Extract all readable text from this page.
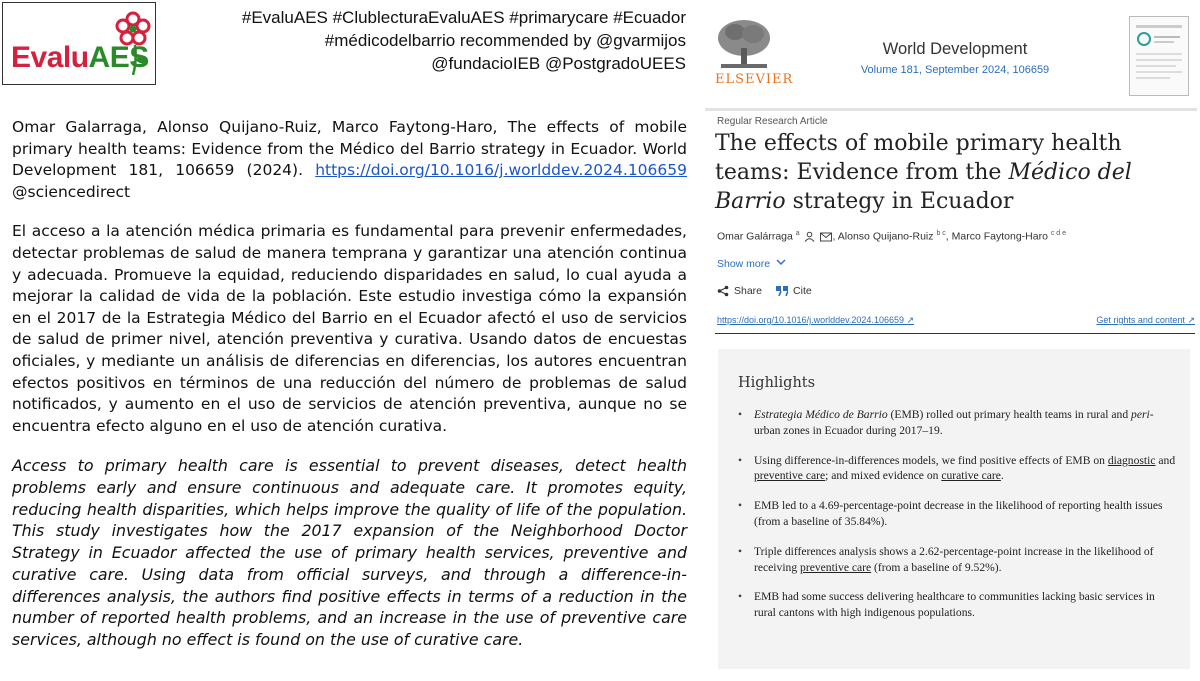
EvaluAES
#EvaluAES #ClublecturaEvaluAES #primarycare #Ecuador
#médicodelbarrio recommended by @gvarmijos
@fundacioIEB @PostgradoUEES

Omar Galarraga, Alonso Quijano-Ruiz, Marco Faytong-Haro, The effects of mobile primary health teams: Evidence from the Médico del Barrio strategy in Ecuador. World Development 181, 106659 (2024). https://doi.org/10.1016/j.worlddev.2024.106659 @sciencedirect

El acceso a la atención médica primaria es fundamental para prevenir enfermedades, detectar problemas de salud de manera temprana y garantizar una atención continua y adecuada. Promueve la equidad, reduciendo disparidades en salud, lo cual ayuda a mejorar la calidad de vida de la población. Este estudio investiga cómo la expansión en el 2017 de la Estrategia Médico del Barrio en el Ecuador afectó el uso de servicios de salud de primer nivel, atención preventiva y curativa. Usando datos de encuestas oficiales, y mediante un análisis de diferencias en diferencias, los autores encuentran efectos positivos en términos de una reducción del número de problemas de salud notificados, y aumento en el uso de servicios de atención preventiva, aunque no se encuentra efecto alguno en el uso de atención curativa.

Access to primary health care is essential to prevent diseases, detect health problems early and ensure continuous and adequate care. It promotes equity, reducing health disparities, which helps improve the quality of life of the population. This study investigates how the 2017 expansion of the Neighborhood Doctor Strategy in Ecuador affected the use of primary health services, preventive and curative care. Using data from official surveys, and through a difference-in-differences analysis, the authors find positive effects in terms of a reduction in the number of reported health problems, and an increase in the use of preventive care services, although no effect is found on the use of curative care.

ELSEVIER
World Development
Volume 181, September 2024, 106659
Regular Research Article
The effects of mobile primary health teams: Evidence from the Médico del Barrio strategy in Ecuador
Omar Galárraga $^a$	, Alonso Quijano-Ruiz $^{b c}$, Marco Faytong-Haro $^{c d e}$
Show more
Share	Cite
https://doi.org/10.1016/j.worlddev.2024.106659 ↗	Get rights and content ↗
Highlights
• Estrategia Médico de Barrio (EMB) rolled out primary health teams in rural and peri-urban zones in Ecuador during 2017–19.
• Using difference-in-differences models, we find positive effects of EMB on diagnostic and preventive care; and mixed evidence on curative care.
• EMB led to a 4.69-percentage-point decrease in the likelihood of reporting health issues (from a baseline of 35.84%).
• Triple differences analysis shows a 2.62-percentage-point increase in the likelihood of receiving preventive care (from a baseline of 9.52%).
• EMB had some success delivering healthcare to communities lacking basic services in rural cantons with high indigenous populations.
